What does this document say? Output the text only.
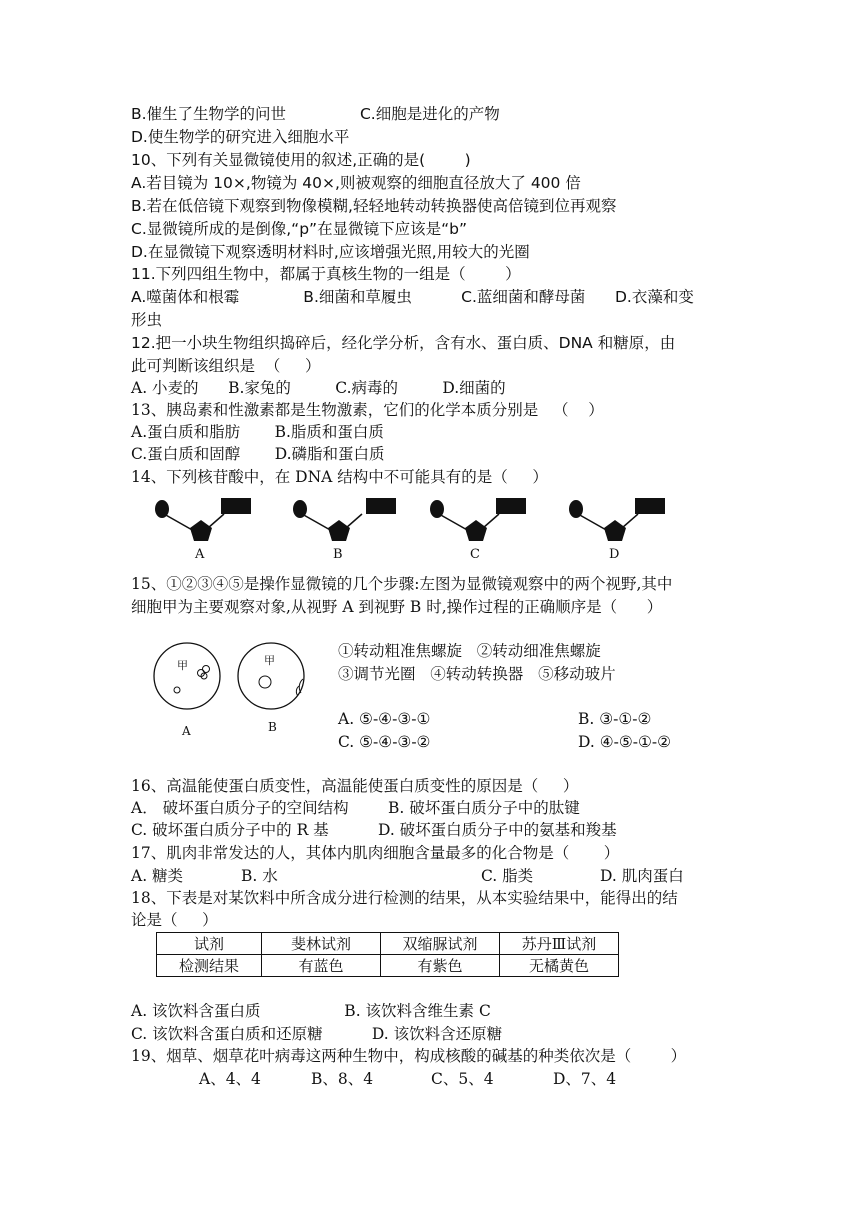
B.催生了生物学的问世               C.细胞是进化的产物
D.使生物学的研究进入细胞水平
10、下列有关显微镜使用的叙述,正确的是(        )
A.若目镜为 10×,物镜为 40×,则被观察的细胞直径放大了 400 倍
B.若在低倍镜下观察到物像模糊,轻轻地转动转换器使高倍镜到位再观察
C.显微镜所成的是倒像,“p”在显微镜下应该是“b”
D.在显微镜下观察透明材料时,应该增强光照,用较大的光圈
11.下列四组生物中，都属于真核生物的一组是（        ）
A.噬菌体和根霉             B.细菌和草履虫          C.蓝细菌和酵母菌      D.衣藻和变
形虫
12.把一小块生物组织捣碎后，经化学分析，含有水、蛋白质、DNA 和糖原，由
此可判断该组织是  （     ）
A. 小麦的      B.家兔的         C.病毒的         D.细菌的
13、胰岛素和性激素都是生物激素，它们的化学本质分别是   （    ）
A.蛋白质和脂肪       B.脂质和蛋白质
C.蛋白质和固醇       D.磷脂和蛋白质
14、下列核苷酸中，在 DNA 结构中不可能具有的是（     ）
A	B	C	D
15、①②③④⑤是操作显微镜的几个步骤:左图为显微镜观察中的两个视野,其中
细胞甲为主要观察对象,从视野 A 到视野 B 时,操作过程的正确顺序是（      ）
甲	甲
A	B
①转动粗准焦螺旋   ②转动细准焦螺旋
③调节光圈   ④转动转换器   ⑤移动玻片
A. ⑤-④-③-①	B. ③-①-②
C. ⑤-④-③-②	D. ④-⑤-①-②
16、高温能使蛋白质变性，高温能使蛋白质变性的原因是（     ）
A． 破坏蛋白质分子的空间结构        B. 破坏蛋白质分子中的肽键
C. 破坏蛋白质分子中的 R 基          D. 破坏蛋白质分子中的氨基和羧基
17、肌肉非常发达的人，其体内肌肉细胞含量最多的化合物是（       ）
A. 糖类	B. 水	C. 脂类	D. 肌肉蛋白
18、下表是对某饮料中所含成分进行检测的结果，从本实验结果中，能得出的结
论是（     ）
试剂	斐林试剂	双缩脲试剂	苏丹Ⅲ试剂
检测结果	有蓝色	有紫色	无橘黄色
A. 该饮料含蛋白质                 B. 该饮料含维生素 C
C. 该饮料含蛋白质和还原糖          D. 该饮料含还原糖
19、烟草、烟草花叶病毒这两种生物中，构成核酸的碱基的种类依次是（        ）
A、4、4	B、8、4	C、5、4	D、7、4
